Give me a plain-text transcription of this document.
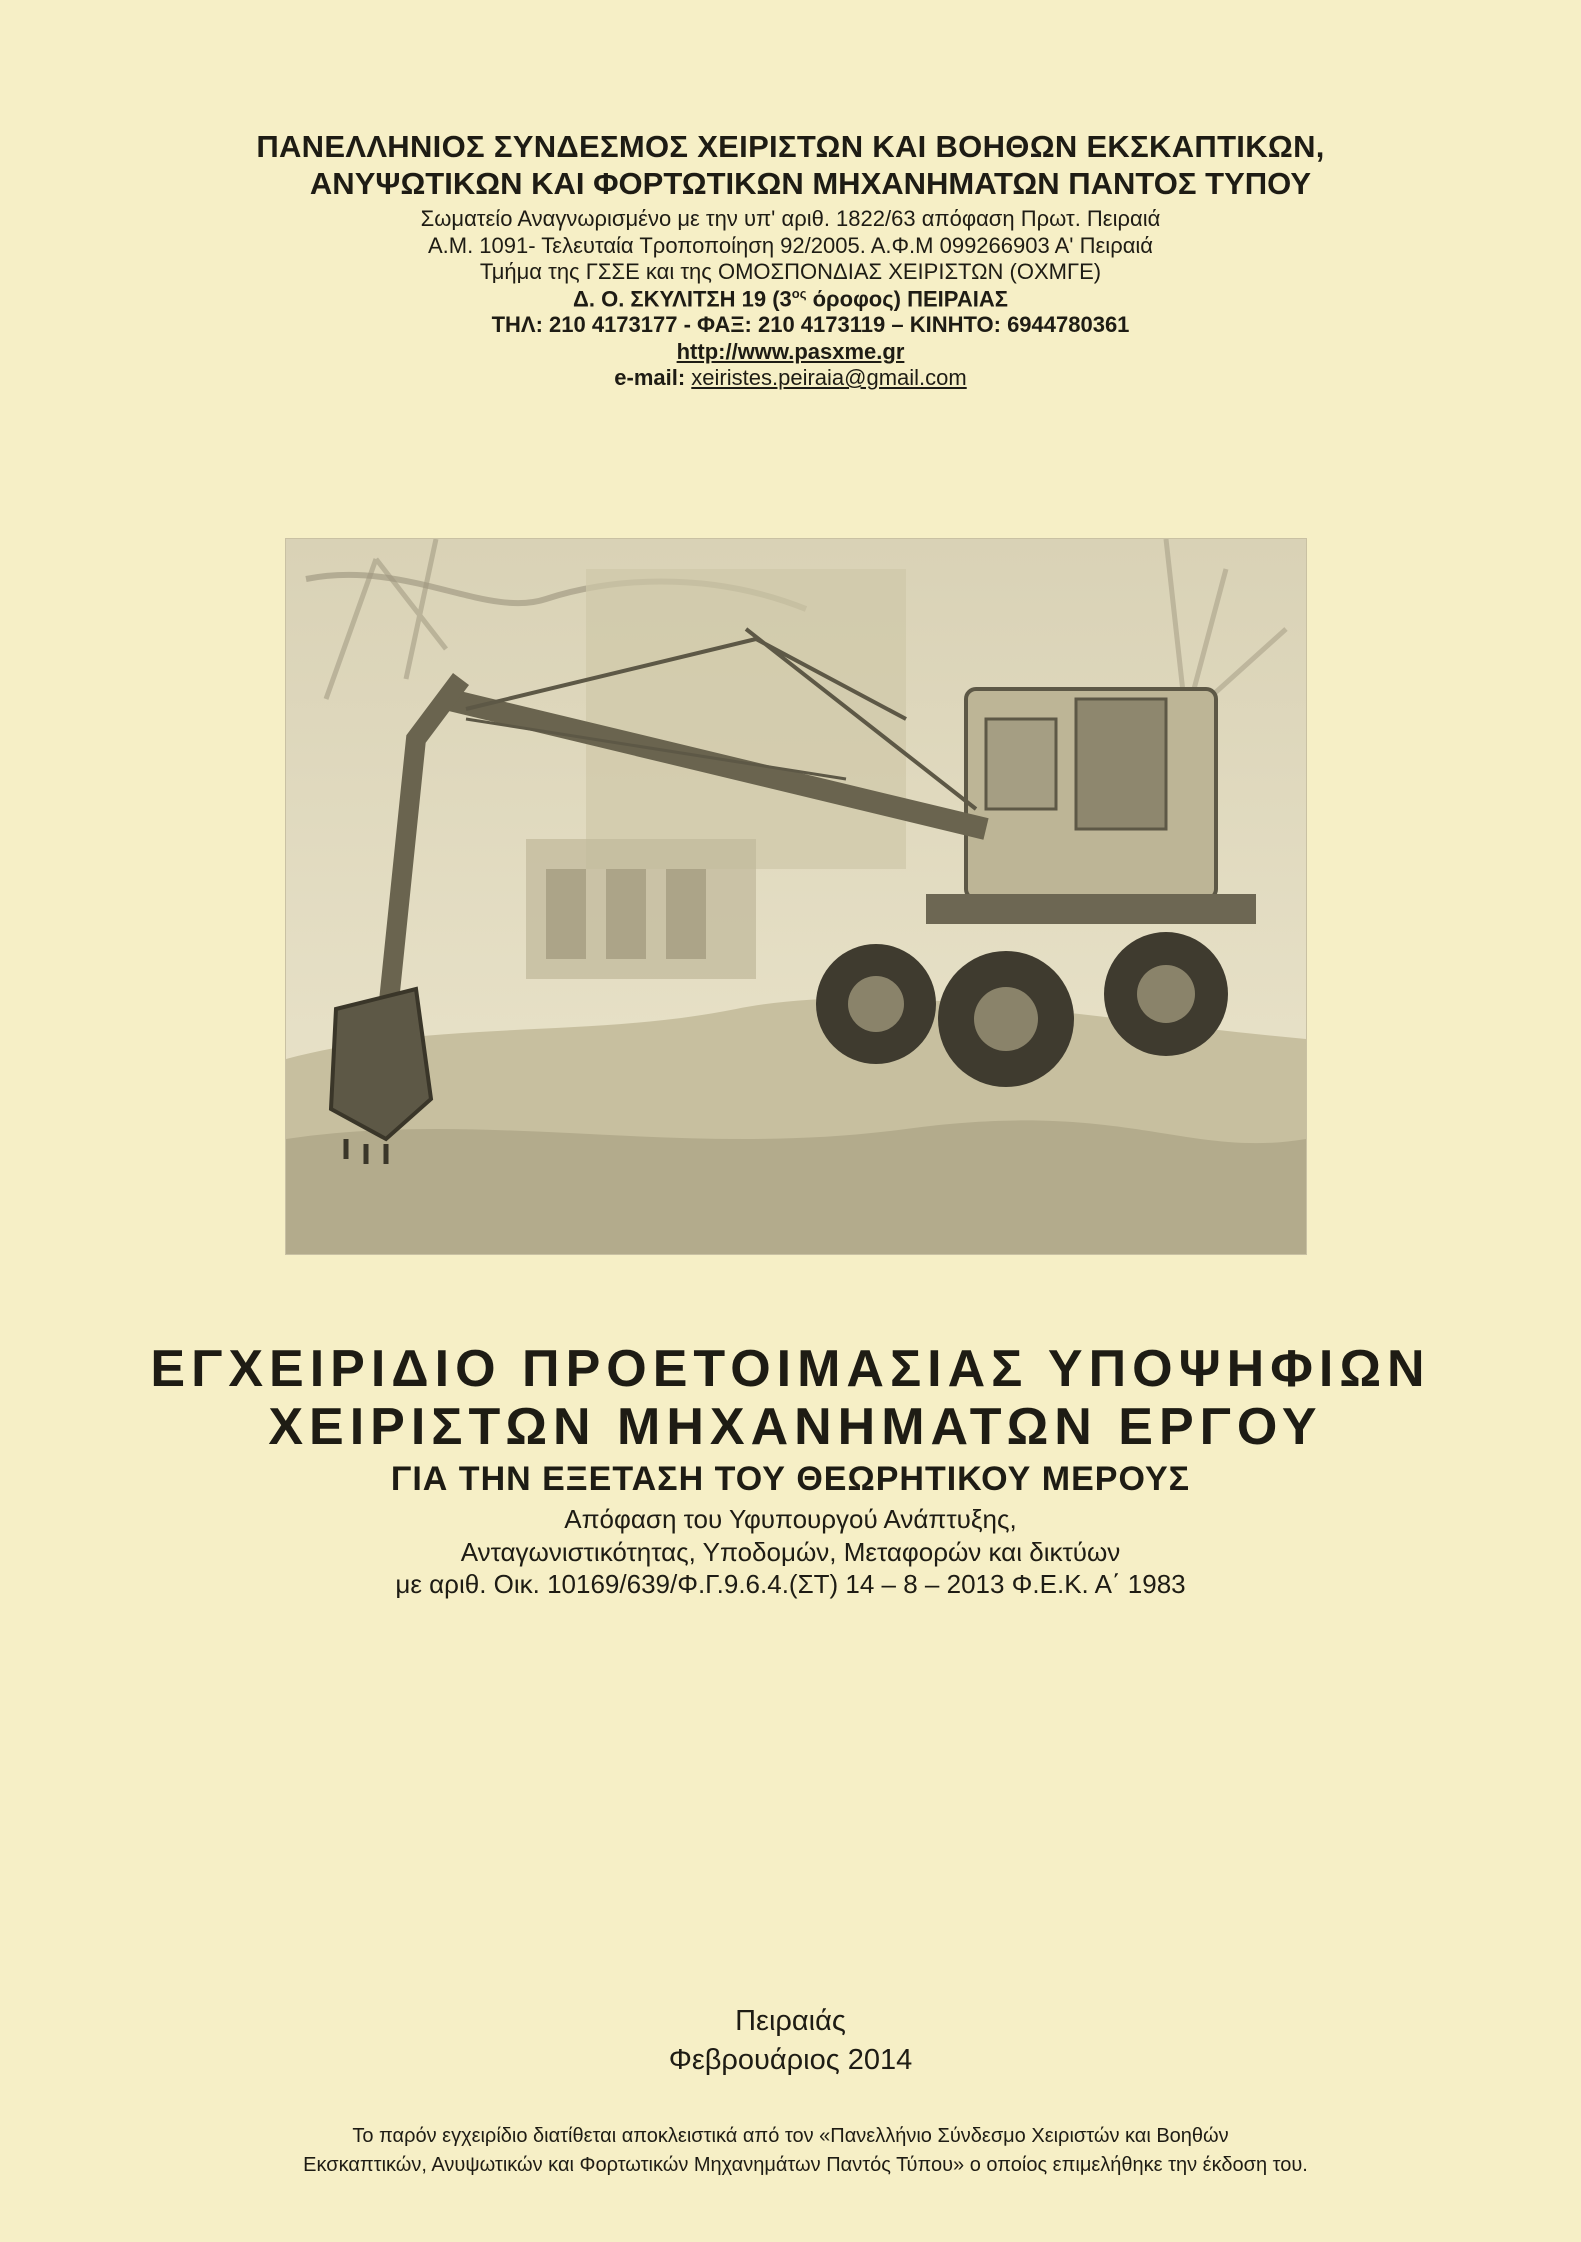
ΠΑΝΕΛΛΗΝΙΟΣ ΣΥΝΔΕΣΜΟΣ ΧΕΙΡΙΣΤΩΝ ΚΑΙ ΒΟΗΘΩΝ ΕΚΣΚΑΠΤΙΚΩΝ,
ΑΝΥΨΩΤΙΚΩΝ ΚΑΙ ΦΟΡΤΩΤΙΚΩΝ ΜΗΧΑΝΗΜΑΤΩΝ ΠΑΝΤΟΣ ΤΥΠΟΥ
Σωματείο Αναγνωρισμένο με την υπ' αριθ. 1822/63 απόφαση Πρωτ. Πειραιά
Α.Μ. 1091- Τελευταία Τροποποίηση 92/2005. Α.Φ.Μ 099266903 Α' Πειραιά
Τμήμα της ΓΣΣΕ και της ΟΜΟΣΠΟΝΔΙΑΣ ΧΕΙΡΙΣΤΩΝ (ΟΧΜΓΕ)
Δ. Ο. ΣΚΥΛΙΤΣΗ 19 ($3^{o\varsigma}$ όροφος) ΠΕΙΡΑΙΑΣ
ΤΗΛ: 210 4173177 - ΦΑΞ: 210 4173119 – ΚΙΝΗΤΟ: 6944780361
http://www.pasxme.gr
e-mail: xeiristes.peiraia@gmail.com
ΕΓΧΕΙΡΙΔΙΟ ΠΡΟΕΤΟΙΜΑΣΙΑΣ ΥΠΟΨΗΦΙΩΝ
ΧΕΙΡΙΣΤΩΝ ΜΗΧΑΝΗΜΑΤΩΝ ΕΡΓΟΥ
ΓΙΑ ΤΗΝ ΕΞΕΤΑΣΗ ΤΟΥ ΘΕΩΡΗΤΙΚΟΥ ΜΕΡΟΥΣ
Απόφαση του Υφυπουργού Ανάπτυξης,
Ανταγωνιστικότητας, Υποδομών, Μεταφορών και δικτύων
με αριθ. Οικ. 10169/639/Φ.Γ.9.6.4.(ΣΤ) 14 – 8 – 2013 Φ.Ε.Κ. Α΄ 1983
Πειραιάς
Φεβρουάριος 2014
Το παρόν εγχειρίδιο διατίθεται αποκλειστικά από τον «Πανελλήνιο Σύνδεσμο Χειριστών και Βοηθών
Εκσκαπτικών, Ανυψωτικών και Φορτωτικών Μηχανημάτων Παντός Τύπου» ο οποίος επιμελήθηκε την έκδοση του.
